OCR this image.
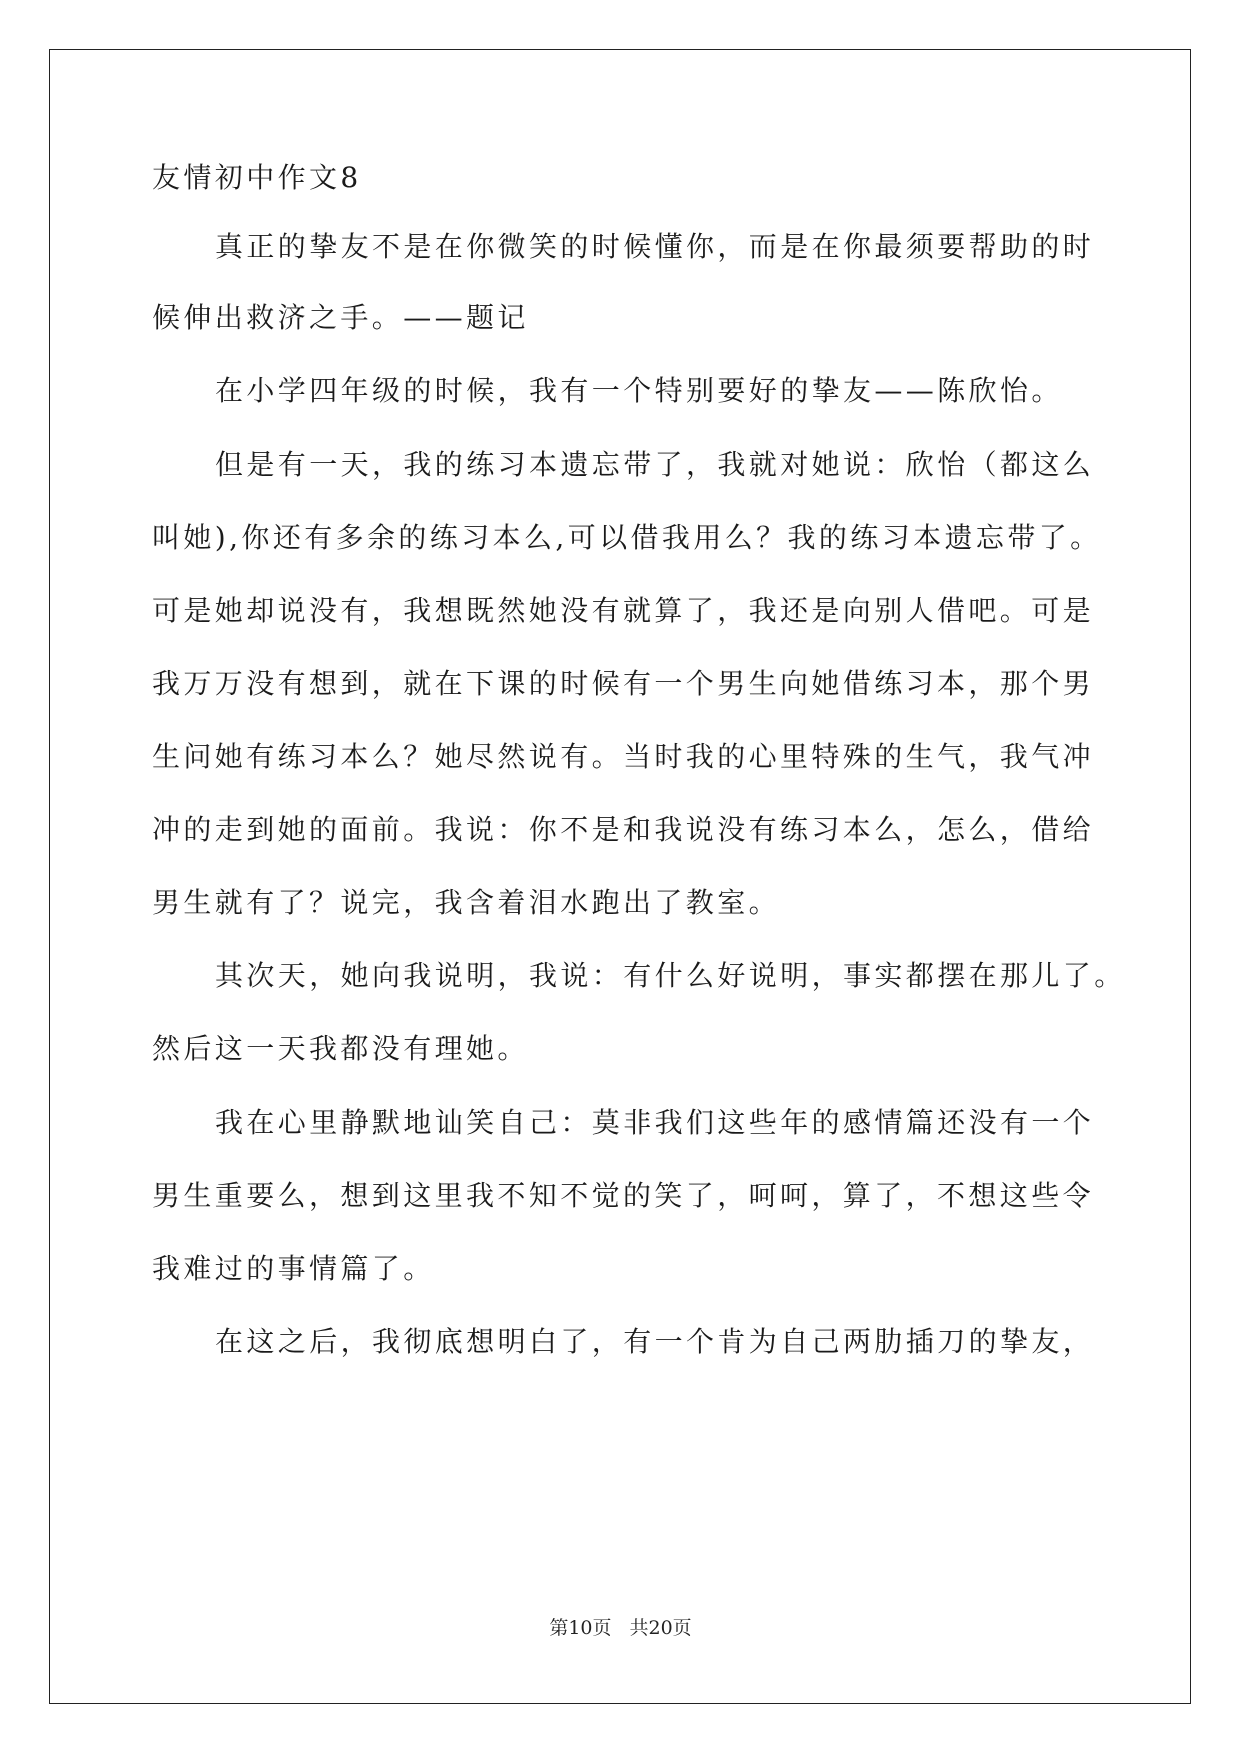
友情初中作文8
真正的挚友不是在你微笑的时候懂你，而是在你最须要帮助的时
候伸出救济之手。——题记
在小学四年级的时候，我有一个特别要好的挚友——陈欣怡。
但是有一天，我的练习本遗忘带了，我就对她说：欣怡（都这么
叫她),你还有多余的练习本么,可以借我用么？我的练习本遗忘带了。
可是她却说没有，我想既然她没有就算了，我还是向别人借吧。可是
我万万没有想到，就在下课的时候有一个男生向她借练习本，那个男
生问她有练习本么？她尽然说有。当时我的心里特殊的生气，我气冲
冲的走到她的面前。我说：你不是和我说没有练习本么，怎么，借给
男生就有了？说完，我含着泪水跑出了教室。
其次天，她向我说明，我说：有什么好说明，事实都摆在那儿了。
然后这一天我都没有理她。
我在心里静默地讪笑自己：莫非我们这些年的感情篇还没有一个
男生重要么，想到这里我不知不觉的笑了，呵呵，算了，不想这些令
我难过的事情篇了。
在这之后，我彻底想明白了，有一个肯为自己两肋插刀的挚友，
第10页 共20页
